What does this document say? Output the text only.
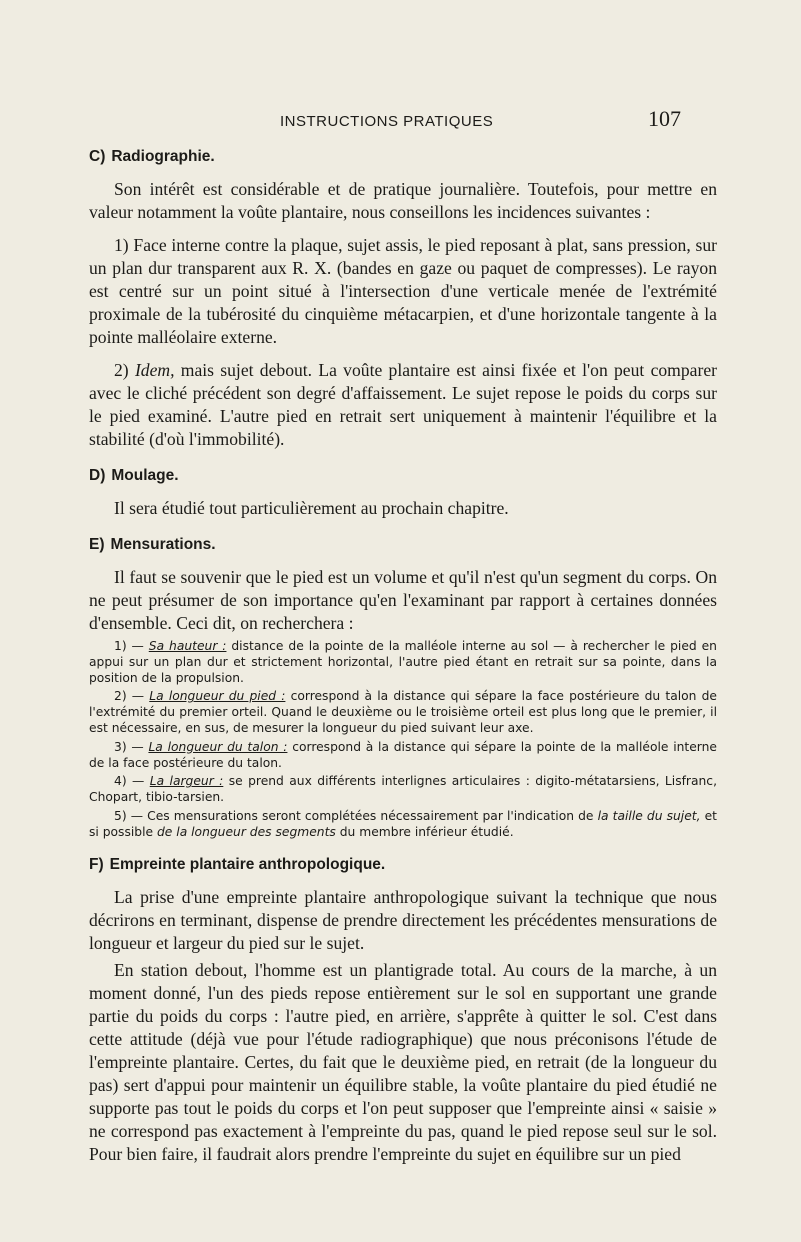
INSTRUCTIONS PRATIQUES	107
C) Radiographie.

Son intérêt est considérable et de pratique journalière. Toutefois, pour mettre en valeur notamment la voûte plantaire, nous conseillons les incidences suivantes :

1) Face interne contre la plaque, sujet assis, le pied reposant à plat, sans pression, sur un plan dur transparent aux R. X. (bandes en gaze ou paquet de compresses). Le rayon est centré sur un point situé à l'intersection d'une verticale menée de l'extrémité proximale de la tubérosité du cinquième métacarpien, et d'une horizontale tangente à la pointe malléolaire externe.

2) Idem, mais sujet debout. La voûte plantaire est ainsi fixée et l'on peut comparer avec le cliché précédent son degré d'affaissement. Le sujet repose le poids du corps sur le pied examiné. L'autre pied en retrait sert uniquement à maintenir l'équilibre et la stabilité (d'où l'immobilité).

D) Moulage.

Il sera étudié tout particulièrement au prochain chapitre.

E) Mensurations.

Il faut se souvenir que le pied est un volume et qu'il n'est qu'un segment du corps. On ne peut présumer de son importance qu'en l'examinant par rapport à certaines données d'ensemble. Ceci dit, on recherchera :

1) — Sa hauteur : distance de la pointe de la malléole interne au sol — à rechercher le pied en appui sur un plan dur et strictement horizontal, l'autre pied étant en retrait sur sa pointe, dans la position de la propulsion.

2) — La longueur du pied : correspond à la distance qui sépare la face postérieure du talon de l'extrémité du premier orteil. Quand le deuxième ou le troisième orteil est plus long que le premier, il est nécessaire, en sus, de mesurer la longueur du pied suivant leur axe.

3) — La longueur du talon : correspond à la distance qui sépare la pointe de la malléole interne de la face postérieure du talon.

4) — La largeur : se prend aux différents interlignes articulaires : digito-métatarsiens, Lisfranc, Chopart, tibio-tarsien.

5) — Ces mensurations seront complétées nécessairement par l'indication de la taille du sujet, et si possible de la longueur des segments du membre inférieur étudié.

F) Empreinte plantaire anthropologique.

La prise d'une empreinte plantaire anthropologique suivant la technique que nous décrirons en terminant, dispense de prendre directement les précédentes mensurations de longueur et largeur du pied sur le sujet.

En station debout, l'homme est un plantigrade total. Au cours de la marche, à un moment donné, l'un des pieds repose entièrement sur le sol en supportant une grande partie du poids du corps : l'autre pied, en arrière, s'apprête à quitter le sol. C'est dans cette attitude (déjà vue pour l'étude radiographique) que nous préconisons l'étude de l'empreinte plantaire. Certes, du fait que le deuxième pied, en retrait (de la longueur du pas) sert d'appui pour maintenir un équilibre stable, la voûte plantaire du pied étudié ne supporte pas tout le poids du corps et l'on peut supposer que l'empreinte ainsi « saisie » ne correspond pas exactement à l'empreinte du pas, quand le pied repose seul sur le sol. Pour bien faire, il faudrait alors prendre l'empreinte du sujet en équilibre sur un pied
